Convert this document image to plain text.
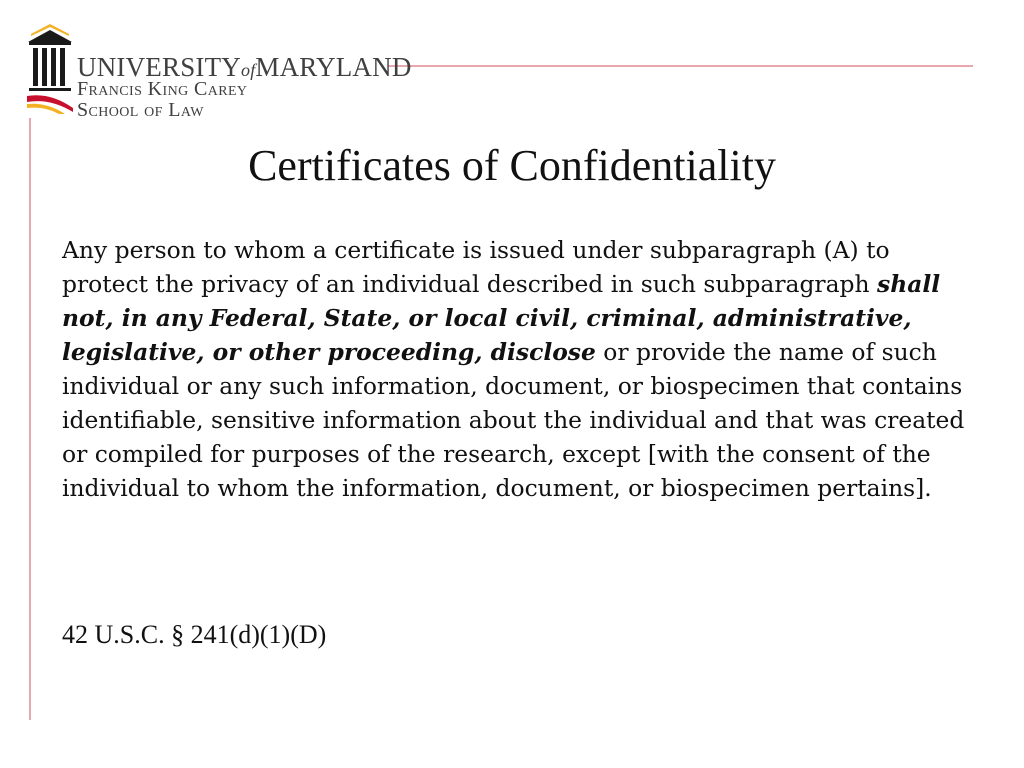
UNIVERSITYofMARYLAND
Francis King Carey
School of Law
Certificates of Confidentiality

Any person to whom a certificate is issued under subparagraph (A) to protect the privacy of an individual described in such subparagraph shall not, in any Federal, State, or local civil, criminal, administrative, legislative, or other proceeding, disclose or provide the name of such individual or any such information, document, or biospecimen that contains identifiable, sensitive information about the individual and that was created or compiled for purposes of the research, except [with the consent of the individual to whom the information, document, or biospecimen pertains].

42 U.S.C. § 241(d)(1)(D)
